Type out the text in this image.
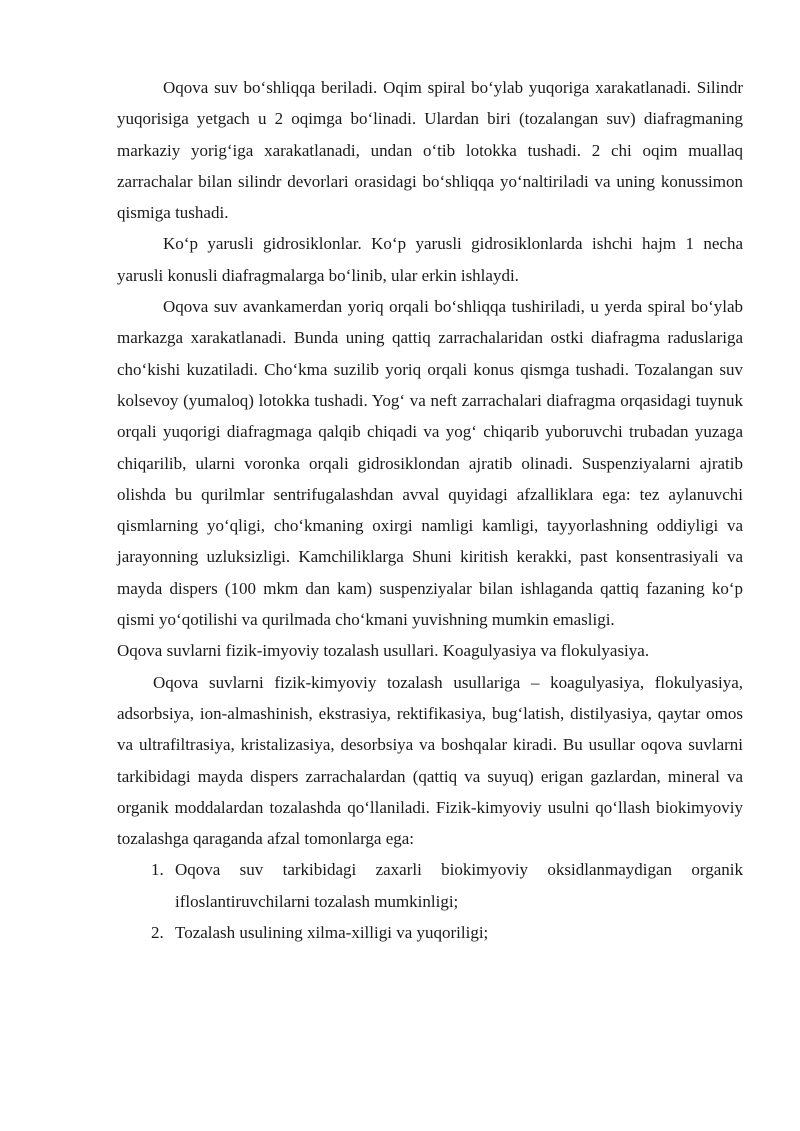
Oqova suv bo‘shliqqa beriladi. Oqim spiral bo‘ylab yuqoriga xarakatlanadi. Silindr yuqorisiga yetgach u 2 oqimga bo‘linadi. Ulardan biri (tozalangan suv) diafragmaning markaziy yorig‘iga xarakatlanadi, undan o‘tib lotokka tushadi. 2 chi oqim muallaq zarrachalar bilan silindr devorlari orasidagi bo‘shliqqa yo‘naltiriladi va uning konussimon qismiga tushadi.

Ko‘p yarusli gidrosiklonlar. Ko‘p yarusli gidrosiklonlarda ishchi hajm 1 necha yarusli konusli diafragmalarga bo‘linib, ular erkin ishlaydi.

Oqova suv avankamerdan yoriq orqali bo‘shliqqa tushiriladi, u yerda spiral bo‘ylab markazga xarakatlanadi. Bunda uning qattiq zarrachalaridan ostki diafragma raduslariga cho‘kishi kuzatiladi. Cho‘kma suzilib yoriq orqali konus qismga tushadi. Tozalangan suv kolsevoy (yumaloq) lotokka tushadi. Yog‘ va neft zarrachalari diafragma orqasidagi tuynuk orqali yuqorigi diafragmaga qalqib chiqadi va yog‘ chiqarib yuboruvchi trubadan yuzaga chiqarilib, ularni voronka orqali gidrosiklondan ajratib olinadi. Suspenziyalarni ajratib olishda bu qurilmlar sentrifugalashdan avval quyidagi afzalliklara ega: tez aylanuvchi qismlarning yo‘qligi, cho‘kmaning oxirgi namligi kamligi, tayyorlashning oddiyligi va jarayonning uzluksizligi. Kamchiliklarga Shuni kiritish kerakki, past konsentrasiyali va mayda dispers (100 mkm dan kam) suspenziyalar bilan ishlaganda qattiq fazaning ko‘p qismi yo‘qotilishi va qurilmada cho‘kmani yuvishning mumkin emasligi.

Oqova suvlarni fizik-imyoviy tozalash usullari. Koagulyasiya va flokulyasiya.

Oqova suvlarni fizik-kimyoviy tozalash usullariga – koagulyasiya, flokulyasiya, adsorbsiya, ion-almashinish, ekstrasiya, rektifikasiya, bug‘latish, distilyasiya, qaytar omos va ultrafiltrasiya, kristalizasiya, desorbsiya va boshqalar kiradi. Bu usullar oqova suvlarni tarkibidagi mayda dispers zarrachalardan (qattiq va suyuq) erigan gazlardan, mineral va organik moddalardan tozalashda qo‘llaniladi. Fizik-kimyoviy usulni qo‘llash biokimyoviy tozalashga qaraganda afzal tomonlarga ega:

1. Oqova suv tarkibidagi zaxarli biokimyoviy oksidlanmaydigan organik ifloslantiruvchilarni tozalash mumkinligi;
2. Tozalash usulining xilma-xilligi va yuqoriligi;
